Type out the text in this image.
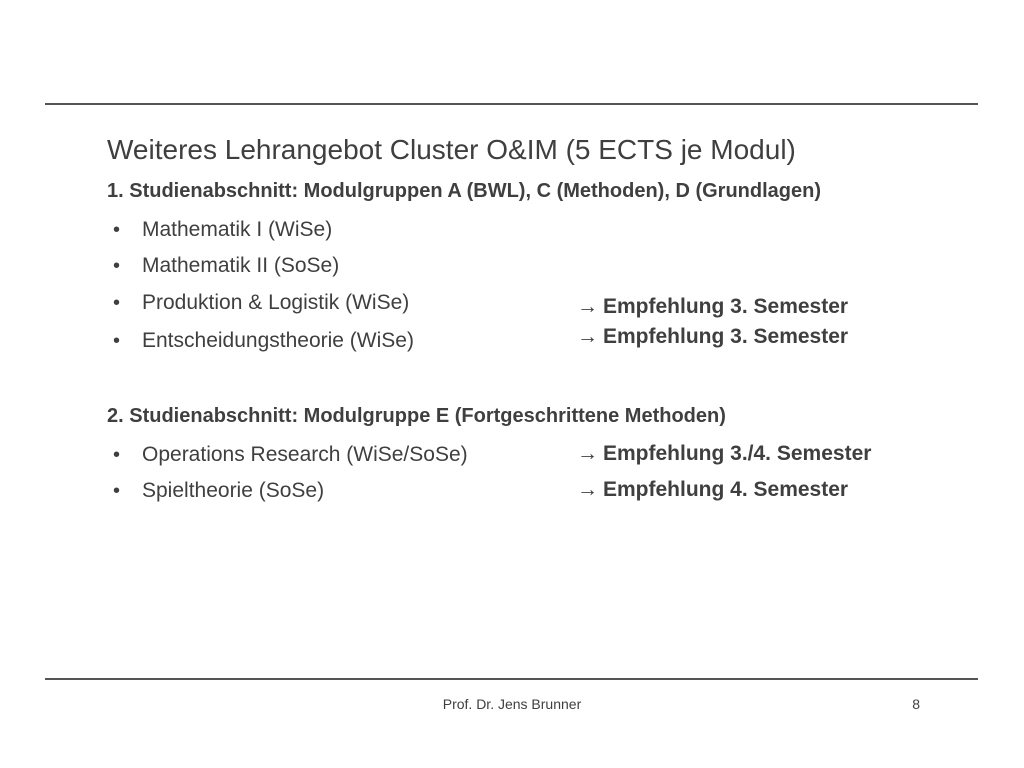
Weiteres Lehrangebot Cluster O&IM (5 ECTS je Modul)
1. Studienabschnitt: Modulgruppen A (BWL), C (Methoden), D (Grundlagen)
• Mathematik I (WiSe)
• Mathematik II (SoSe)
• Produktion & Logistik (WiSe)	→ Empfehlung 3. Semester
• Entscheidungstheorie (WiSe)	→ Empfehlung 3. Semester
2. Studienabschnitt: Modulgruppe E (Fortgeschrittene Methoden)
• Operations Research (WiSe/SoSe)	→ Empfehlung 3./4. Semester
• Spieltheorie (SoSe)	→ Empfehlung 4. Semester
Prof. Dr. Jens Brunner	8
